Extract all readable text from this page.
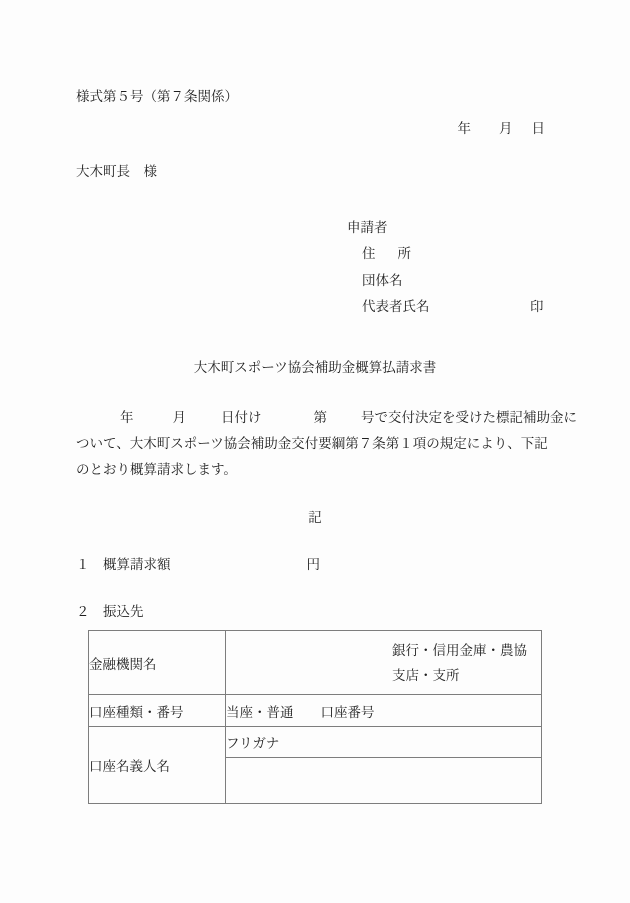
様式第５号（第７条関係）
年 月 日
大木町長　様
申請者
住 所
団体名
代表者氏名	印
大木町スポーツ協会補助金概算払請求書
年	月	日付け	第	号で交付決定を受けた標記補助金に
ついて、大木町スポーツ協会補助金交付要綱第７条第１項の規定により、下記
のとおり概算請求します。
記
１　概算請求額	円
２　振込先
金融機関名	銀行・信用金庫・農協
支店・支所

口座種類・番号	当座・普通　　口座番号
口座名義人名	フリガナ
